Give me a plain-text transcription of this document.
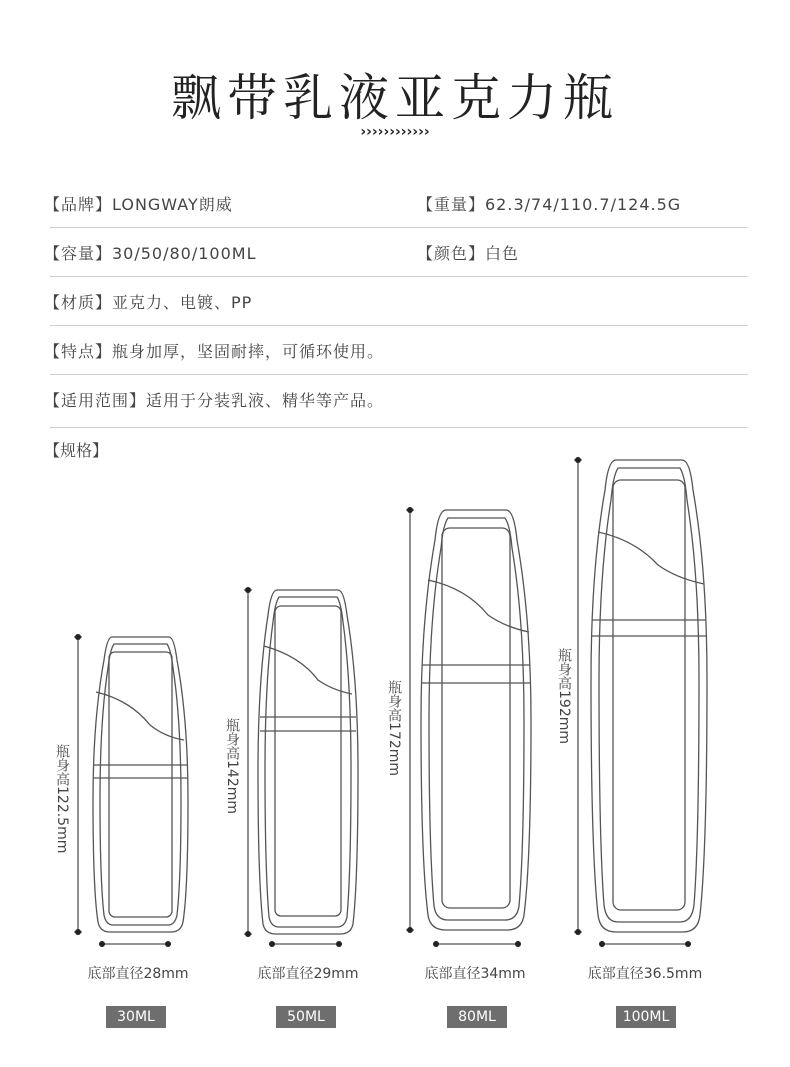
飘带乳液亚克力瓶
››››››››››››
【品牌】LONGWAY朗威	【重量】62.3/74/110.7/124.5G
【容量】30/50/80/100ML	【颜色】白色
【材质】亚克力、电镀、PP
【特点】瓶身加厚，坚固耐摔，可循环使用。
【适用范围】适用于分装乳液、精华等产品。
【规格】
瓶身高122.5mm	瓶身高142mm	瓶身高172mm	瓶身高192mm
底部直径28mm	底部直径29mm	底部直径34mm	底部直径36.5mm
30ML	50ML	80ML	100ML
